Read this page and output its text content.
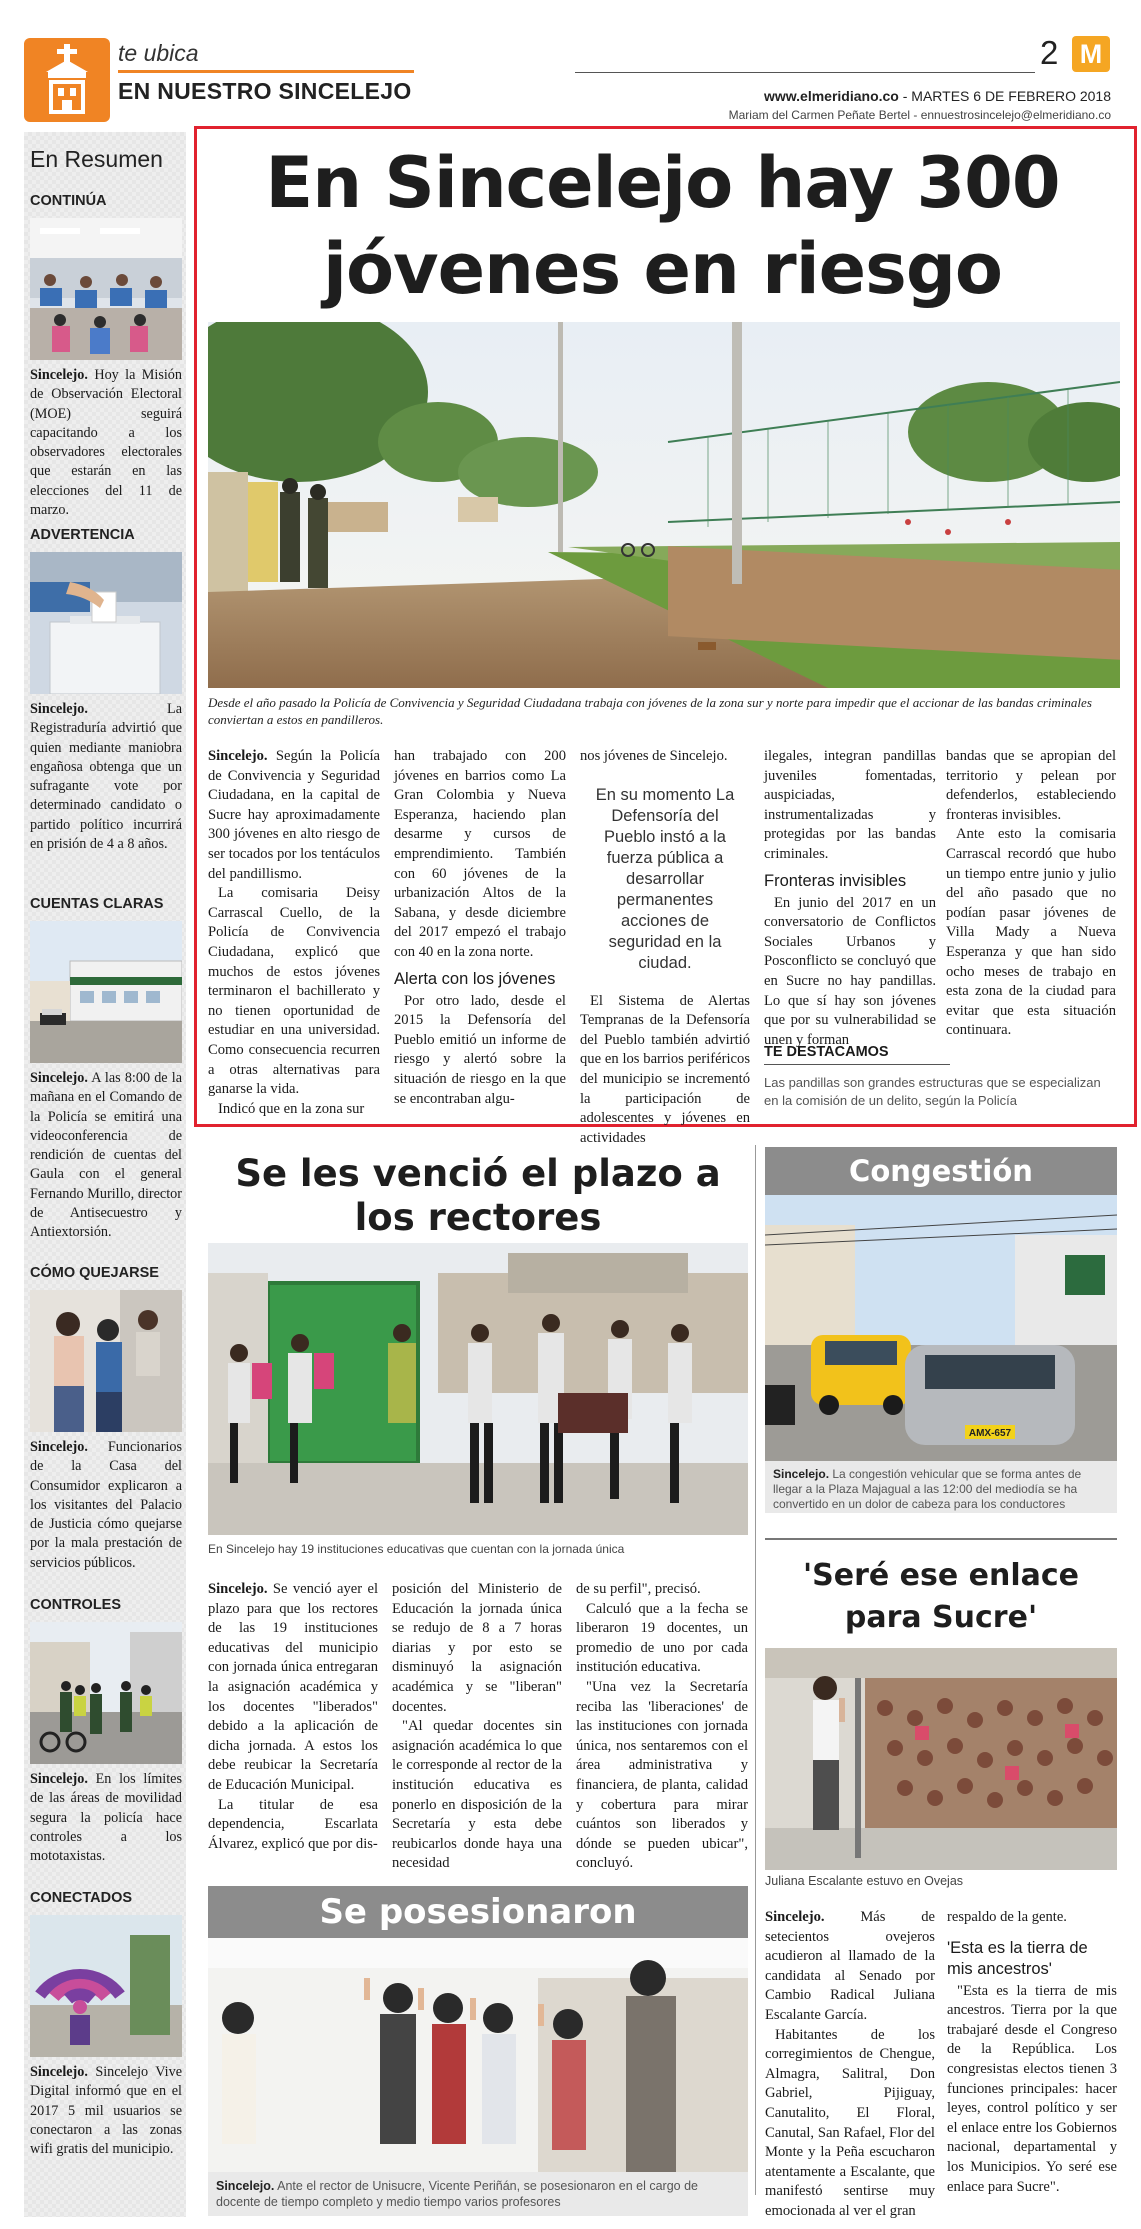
te ubica
EN NUESTRO SINCELEJO
2 M
www.elmeridiano.co - MARTES 6 DE FEBRERO 2018
Mariam del Carmen Peñate Bertel - ennuestrosincelejo@elmeridiano.co
En Resumen
CONTINÚA
Sincelejo. Hoy la Misión de Observación Electoral (MOE) seguirá capacitando a los observadores electorales que estarán en las elecciones del 11 de marzo.
ADVERTENCIA
Sincelejo. La Registraduría advirtió que quien mediante maniobra engañosa obtenga que un sufragante vote por determinado candidato o partido político incurrirá en prisión de 4 a 8 años.
CUENTAS CLARAS
Sincelejo. A las 8:00 de la mañana en el Comando de la Policía se emitirá una videoconferencia de rendición de cuentas del Gaula con el general Fernando Murillo, director de Antisecuestro y Antiextorsión.
CÓMO QUEJARSE
Sincelejo. Funcionarios de la Casa del Consumidor explicaron a los visitantes del Palacio de Justicia cómo quejarse por la mala prestación de servicios públicos.
CONTROLES
Sincelejo. En los límites de las áreas de movilidad segura la policía hace controles a los mototaxistas.
CONECTADOS
Sincelejo. Sincelejo Vive Digital informó que en el 2017 5 mil usuarios se conectaron a las zonas wifi gratis del municipio.
En Sincelejo hay 300 jóvenes en riesgo
Desde el año pasado la Policía de Convivencia y Seguridad Ciudadana trabaja con jóvenes de la zona sur y norte para impedir que el accionar de las bandas criminales conviertan a estos en pandilleros.

Sincelejo. Según la Policía de Convivencia y Seguridad Ciudadana, en la capital de Sucre hay aproximadamente 300 jóvenes en alto riesgo de ser tocados por los tentáculos del pandillismo.

La comisaria Deisy Carrascal Cuello, de la Policía de Convivencia Ciudadana, explicó que muchos de estos jóvenes terminaron el bachillerato y no tienen oportunidad de estudiar en una universidad. Como consecuencia recurren a otras alternativas para ganarse la vida.

Indicó que en la zona sur

han trabajado con 200 jóvenes en barrios como La Gran Colombia y Nueva Esperanza, haciendo plan desarme y cursos de emprendimiento. También con 60 jóvenes de la urbanización Altos de la Sabana, y desde diciembre del 2017 empezó el trabajo con 40 en la zona norte.

Alerta con los jóvenes

Por otro lado, desde el 2015 la Defensoría del Pueblo emitió un informe de riesgo y alertó sobre la situación de riesgo en la que se encontraban algu-

nos jóvenes de Sincelejo.

En su momento La Defensoría del Pueblo instó a la fuerza pública a desarrollar permanentes acciones de seguridad en la ciudad.

El Sistema de Alertas Tempranas de la Defensoría del Pueblo también advirtió que en los barrios periféricos del municipio se incrementó la participación de adolescentes y jóvenes en actividades

ilegales, integran pandillas juveniles fomentadas, auspiciadas, instrumentalizadas y protegidas por las bandas criminales.

Fronteras invisibles

En junio del 2017 en un conversatorio de Conflictos Sociales Urbanos y Posconflicto se concluyó que en Sucre no hay pandillas. Lo que sí hay son jóvenes que por su vulnerabilidad se unen y forman

bandas que se apropian del territorio y pelean por defenderlos, estableciendo fronteras invisibles.

Ante esto la comisaria Carrascal recordó que hubo un tiempo entre junio y julio del año pasado que no podían pasar jóvenes de Villa Mady a Nueva Esperanza y que han sido ocho meses de trabajo en esta zona de la ciudad para evitar que esta situación continuara.

TE DESTACAMOS
Las pandillas son grandes estructuras que se especializan en la comisión de un delito, según la Policía
Se les venció el plazo a los rectores
En Sincelejo hay 19 instituciones educativas que cuentan con la jornada única

Sincelejo. Se venció ayer el plazo para que los rectores de las 19 instituciones educativas del municipio con jornada única entregaran la asignación académica y los docentes "liberados" debido a la aplicación de dicha jornada. A estos los debe reubicar la Secretaría de Educación Municipal.

La titular de esa dependencia, Escarlata Álvarez, explicó que por dis-

posición del Ministerio de Educación la jornada única se redujo de 8 a 7 horas diarias y por esto se disminuyó la asignación académica y se "liberan" docentes.

"Al quedar docentes sin asignación académica lo que le corresponde al rector de la institución educativa es ponerlo en disposición de la Secretaría y esta debe reubicarlos donde haya una necesidad

de su perfil", precisó.

Calculó que a la fecha se liberaron 19 docentes, un promedio de uno por cada institución educativa.

"Una vez la Secretaría reciba las 'liberaciones' de las instituciones con jornada única, nos sentaremos con el área administrativa y financiera, de planta, calidad y cobertura para mirar cuántos son liberados y dónde se pueden ubicar", concluyó.

Se posesionaron
Sincelejo. Ante el rector de Unisucre, Vicente Periñán, se posesionaron en el cargo de docente de tiempo completo y medio tiempo varios profesores
Congestión
AMX-657
Sincelejo. La congestión vehicular que se forma antes de llegar a la Plaza Majagual a las 12:00 del mediodía se ha convertido en un dolor de cabeza para los conductores
'Seré ese enlace para Sucre'
Juliana Escalante estuvo en Ovejas

Sincelejo. Más de setecientos ovejeros acudieron al llamado de la candidata al Senado por Cambio Radical Juliana Escalante García.

Habitantes de los corregimientos de Chengue, Almagra, Salitral, Don Gabriel, Pijiguay, Canutalito, El Floral, Canutal, San Rafael, Flor del Monte y la Peña escucharon atentamente a Escalante, que manifestó sentirse muy emocionada al ver el gran

respaldo de la gente.

'Esta es la tierra de mis ancestros'

"Esta es la tierra de mis ancestros. Tierra por la que trabajaré desde el Congreso de la República. Los congresistas electos tienen 3 funciones principales: hacer leyes, control político y ser el enlace entre los Gobiernos nacional, departamental y los Municipios. Yo seré ese enlace para Sucre".
